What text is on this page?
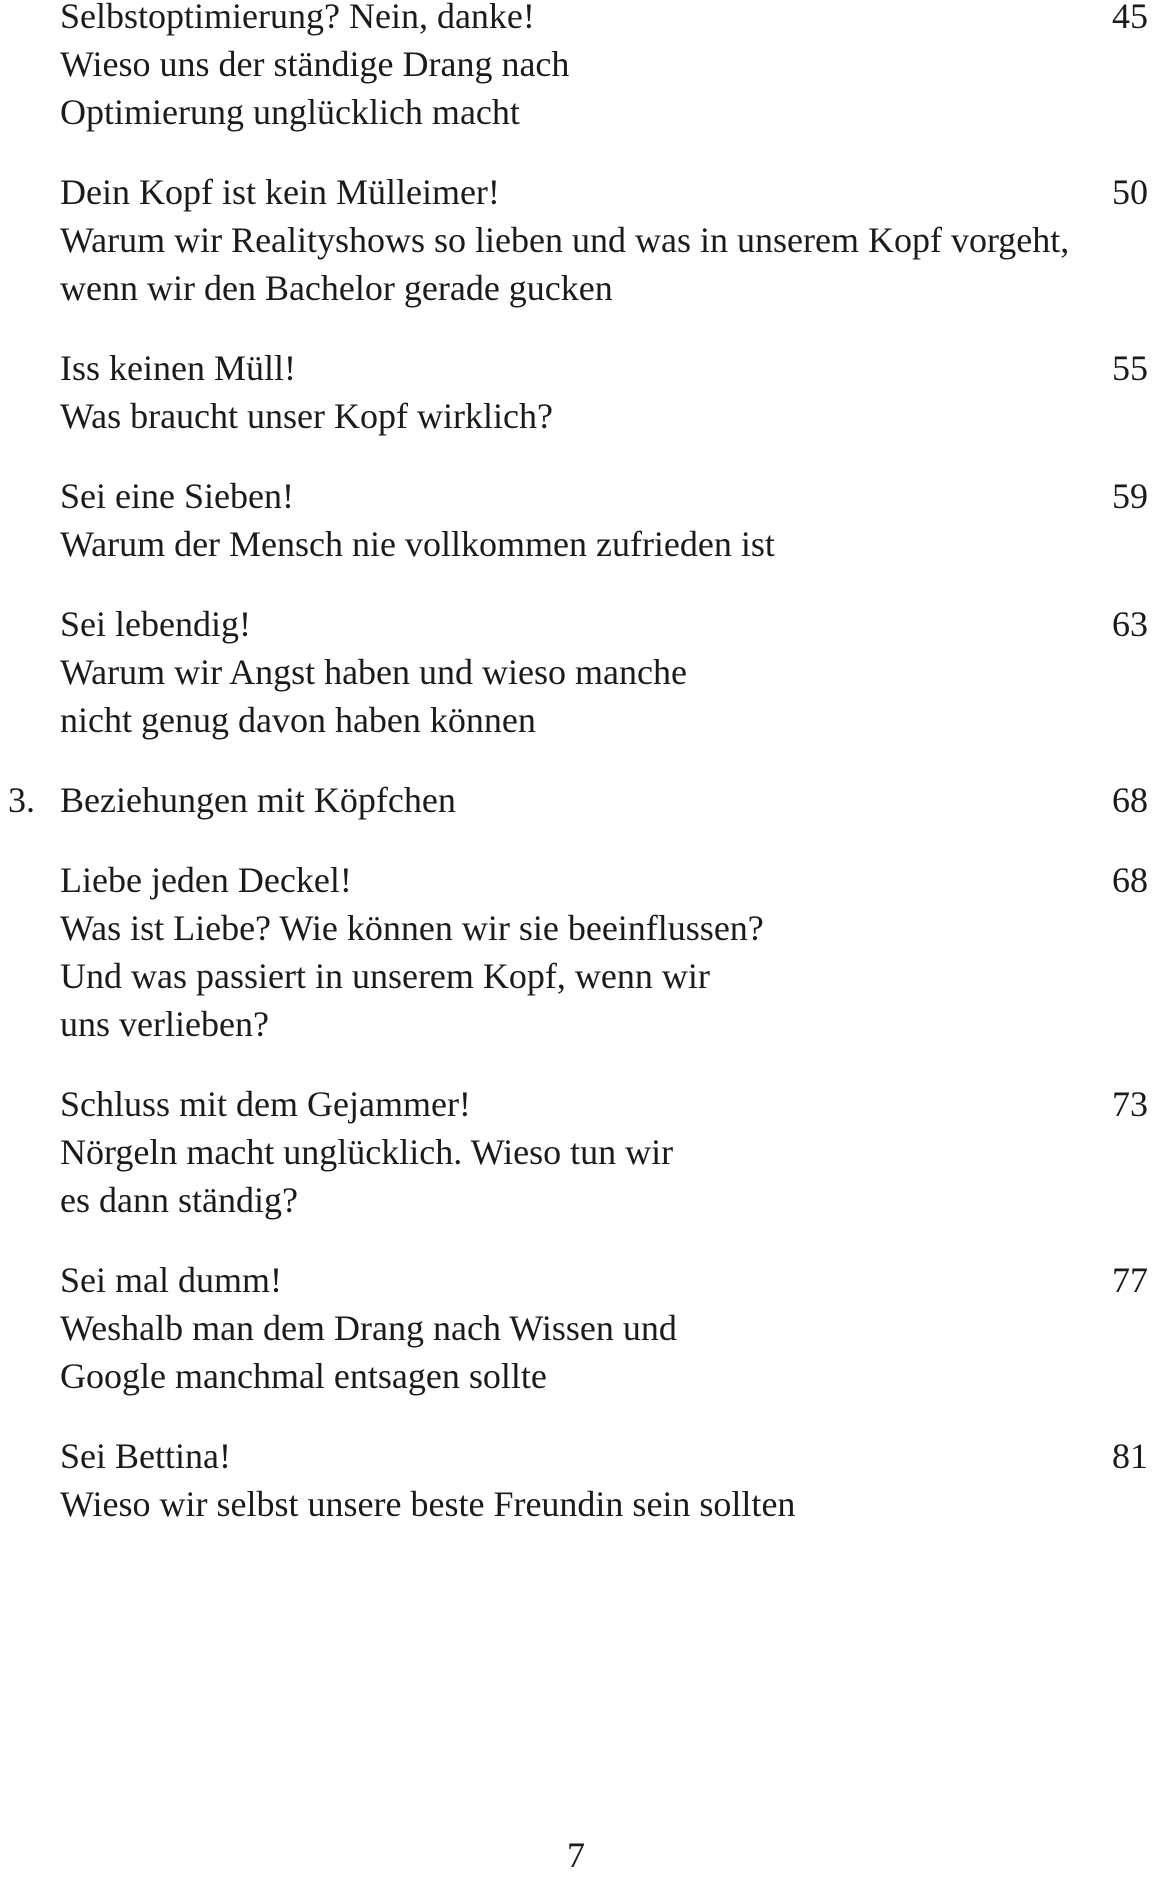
Selbstoptimierung? Nein, danke!	45
Wieso uns der ständige Drang nach
Optimierung unglücklich macht
Dein Kopf ist kein Mülleimer!	50
Warum wir Realityshows so lieben und was in unserem Kopf vorgeht,
wenn wir den Bachelor gerade gucken
Iss keinen Müll!	55
Was braucht unser Kopf wirklich?
Sei eine Sieben!	59
Warum der Mensch nie vollkommen zufrieden ist
Sei lebendig!	63
Warum wir Angst haben und wieso manche
nicht genug davon haben können
3. Beziehungen mit Köpfchen	68
Liebe jeden Deckel!	68
Was ist Liebe? Wie können wir sie beeinflussen?
Und was passiert in unserem Kopf, wenn wir
uns verlieben?
Schluss mit dem Gejammer!	73
Nörgeln macht unglücklich. Wieso tun wir
es dann ständig?
Sei mal dumm!	77
Weshalb man dem Drang nach Wissen und
Google manchmal entsagen sollte
Sei Bettina!	81
Wieso wir selbst unsere beste Freundin sein sollten
7
